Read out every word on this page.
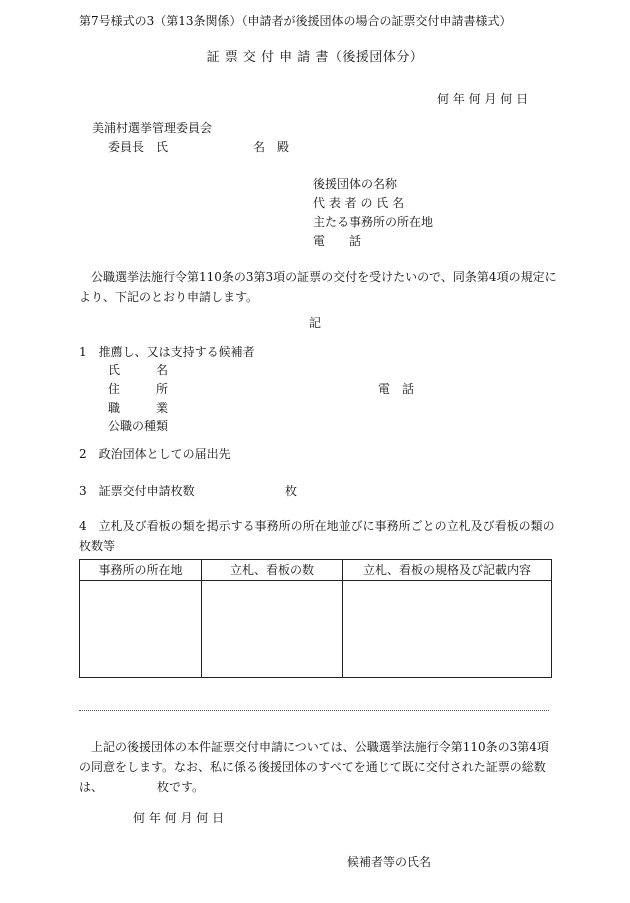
第7号様式の3（第13条関係）（申請者が後援団体の場合の証票交付申請書様式）
証 票 交 付 申 請 書（後援団体分）
何 年 何 月 何 日
美浦村選挙管理委員会
委員長　氏	名　殿
後援団体の名称
代 表 者 の 氏 名
主たる事務所の所在地
電　　話
公職選挙法施行令第110条の3第3項の証票の交付を受けたいので、同条第4項の規定により、下記のとおり申請します。
記
1　推薦し、又は支持する候補者
氏　　　名
住　　　所
職　　　業
公職の種類
電　話
2　政治団体としての届出先
3　証票交付申請枚数	枚
4　立札及び看板の類を掲示する事務所の所在地並びに事務所ごとの立札及び看板の類の枚数等
事務所の所在地	立札、看板の数	立札、看板の規格及び記載内容

上記の後援団体の本件証票交付申請については、公職選挙法施行令第110条の3第4項の同意をします。なお、私に係る後援団体のすべてを通じて既に交付された証票の総数は、　　　　　枚です。
何 年 何 月 何 日
候補者等の氏名
